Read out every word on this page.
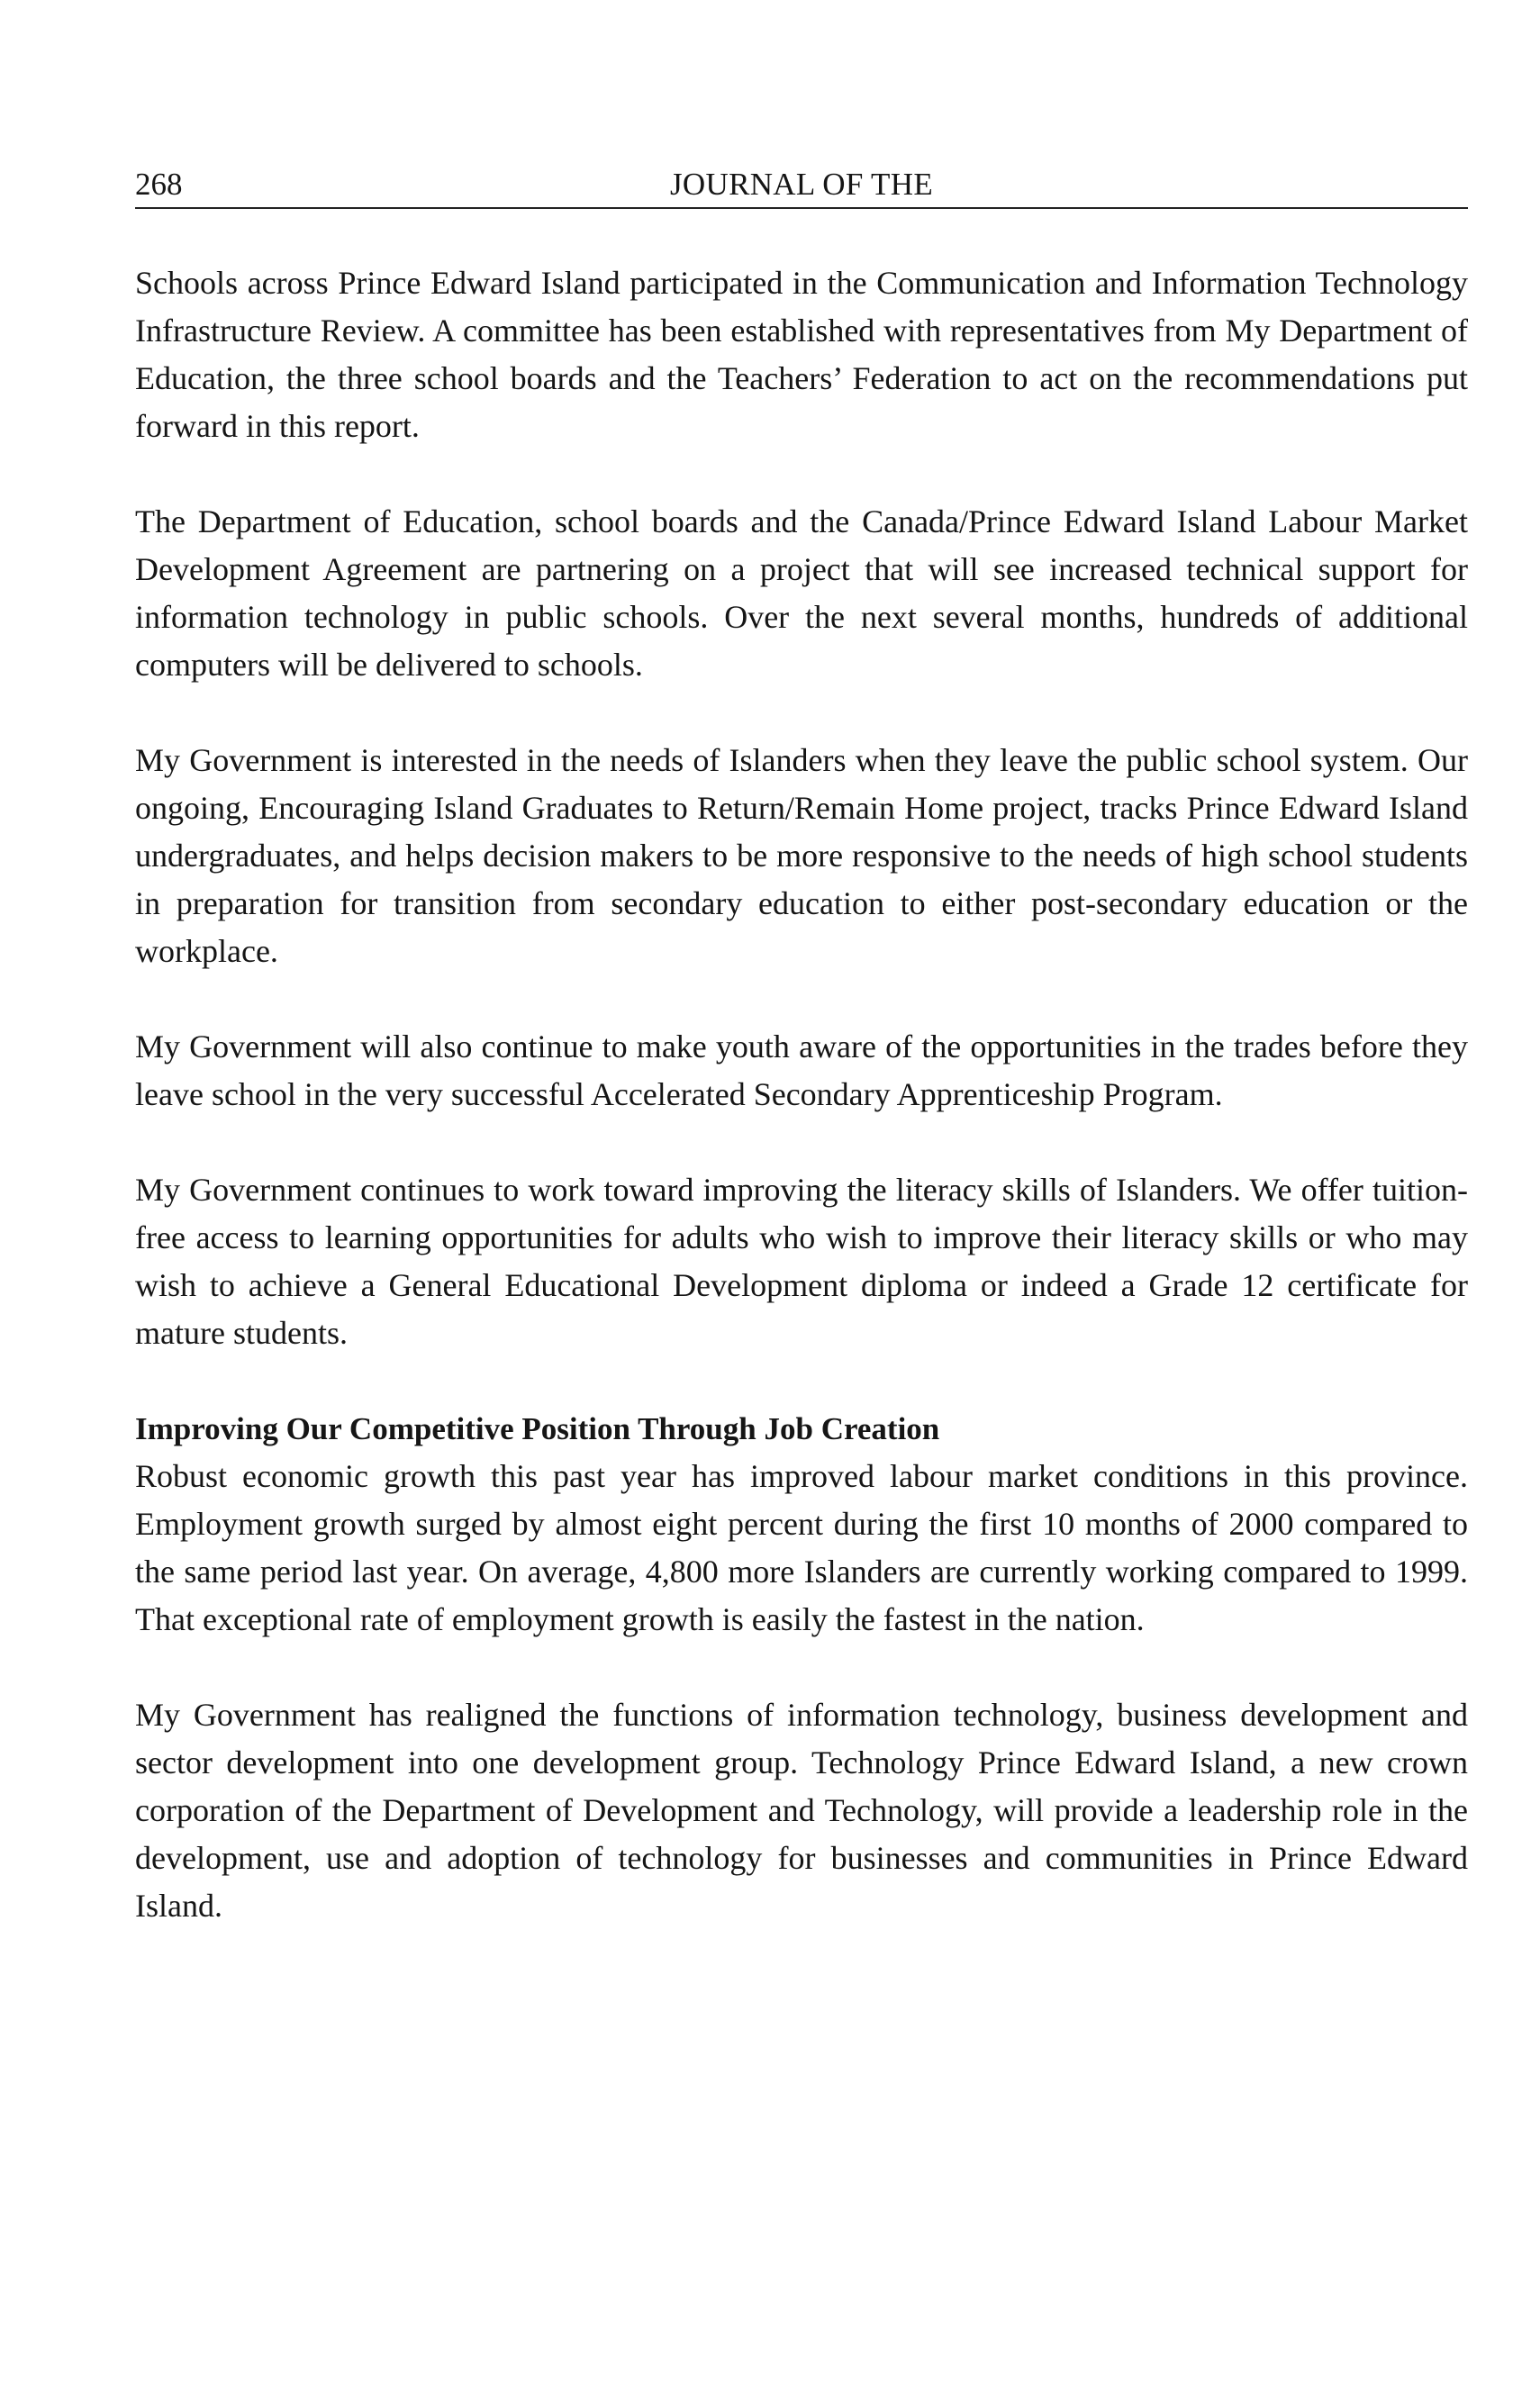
268	JOURNAL OF THE

Schools across Prince Edward Island participated in the Communication and Information Technology Infrastructure Review. A committee has been established with representatives from My Department of Education, the three school boards and the Teachers’ Federation to act on the recommendations put forward in this report.

The Department of Education, school boards and the Canada/Prince Edward Island Labour Market Development Agreement are partnering on a project that will see increased technical support for information technology in public schools. Over the next several months, hundreds of additional computers will be delivered to schools.

My Government is interested in the needs of Islanders when they leave the public school system. Our ongoing, Encouraging Island Graduates to Return/Remain Home project, tracks Prince Edward Island undergraduates, and helps decision makers to be more responsive to the needs of high school students in preparation for transition from secondary education to either post-secondary education or the workplace.

My Government will also continue to make youth aware of the opportunities in the trades before they leave school in the very successful Accelerated Secondary Apprenticeship Program.

My Government continues to work toward improving the literacy skills of Islanders. We offer tuition-free access to learning opportunities for adults who wish to improve their literacy skills or who may wish to achieve a General Educational Development diploma or indeed a Grade 12 certificate for mature students.

Improving Our Competitive Position Through Job Creation

Robust economic growth this past year has improved labour market conditions in this province. Employment growth surged by almost eight percent during the first 10 months of 2000 compared to the same period last year. On average, 4,800 more Islanders are currently working compared to 1999. That exceptional rate of employment growth is easily the fastest in the nation.

My Government has realigned the functions of information technology, business development and sector development into one development group. Technology Prince Edward Island, a new crown corporation of the Department of Development and Technology, will provide a leadership role in the development, use and adoption of technology for businesses and communities in Prince Edward Island.
